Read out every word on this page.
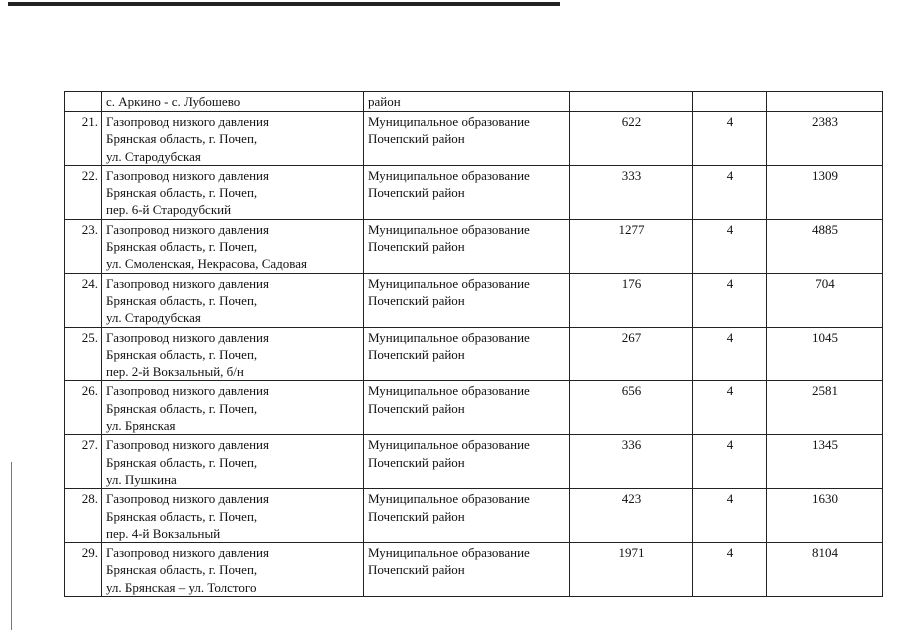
	с. Аркино - с. Лубошево	район			
21.	Газопровод низкого давления
Брянская область, г. Почеп,
ул. Стародубская	Муниципальное образование
Почепский район	622	4	2383
22.	Газопровод низкого давления
Брянская область, г. Почеп,
пер. 6-й Стародубский	Муниципальное образование
Почепский район	333	4	1309
23.	Газопровод низкого давления
Брянская область, г. Почеп,
ул. Смоленская, Некрасова, Садовая	Муниципальное образование
Почепский район	1277	4	4885
24.	Газопровод низкого давления
Брянская область, г. Почеп,
ул. Стародубская	Муниципальное образование
Почепский район	176	4	704
25.	Газопровод низкого давления
Брянская область, г. Почеп,
пер. 2-й Вокзальный, б/н	Муниципальное образование
Почепский район	267	4	1045
26.	Газопровод низкого давления
Брянская область, г. Почеп,
ул. Брянская	Муниципальное образование
Почепский район	656	4	2581
27.	Газопровод низкого давления
Брянская область, г. Почеп,
ул. Пушкина	Муниципальное образование
Почепский район	336	4	1345
28.	Газопровод низкого давления
Брянская область, г. Почеп,
пер. 4-й Вокзальный	Муниципальное образование
Почепский район	423	4	1630
29.	Газопровод низкого давления
Брянская область, г. Почеп,
ул. Брянская – ул. Толстого	Муниципальное образование
Почепский район	1971	4	8104
